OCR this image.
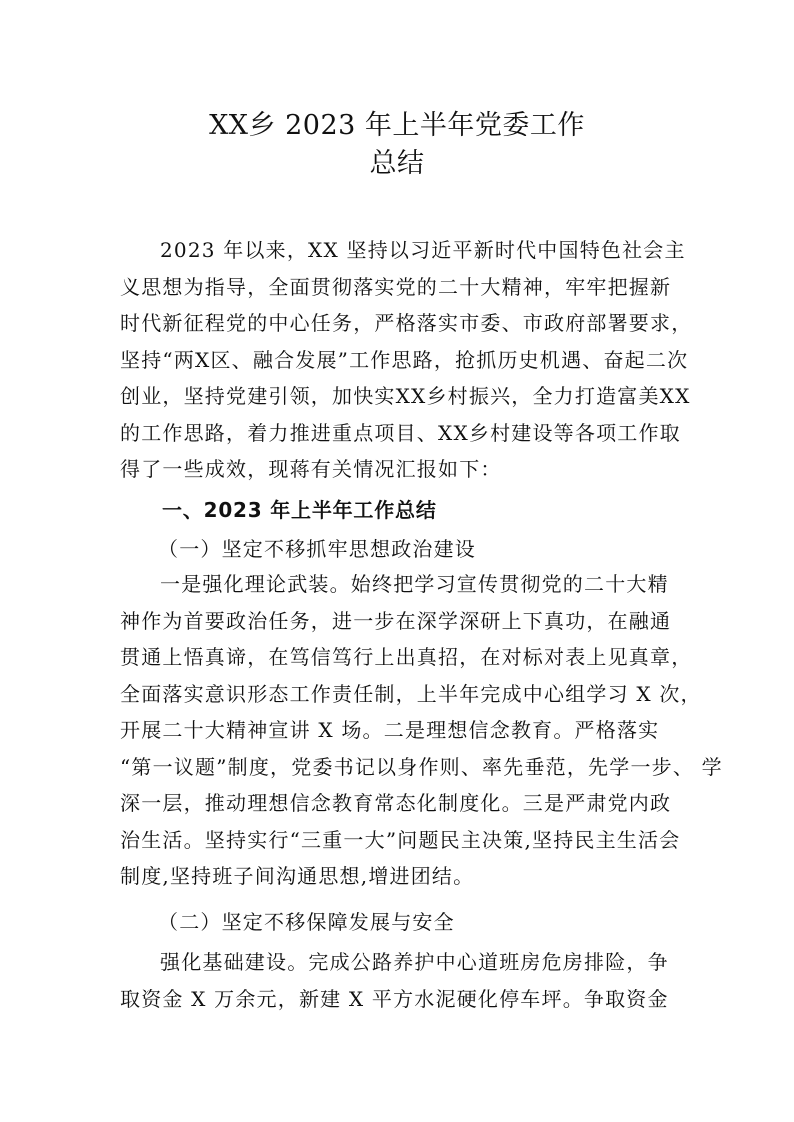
XX乡 2023 年上半年党委工作
总结

2023 年以来，XX 坚持以习近平新时代中国特色社会主

义思想为指导，全面贯彻落实党的二十大精神，牢牢把握新

时代新征程党的中心任务，严格落实市委、市政府部署要求，

坚持“两X区、融合发展”工作思路，抢抓历史机遇、奋起二次

创业，坚持党建引领，加快实XX乡村振兴，全力打造富美XX

的工作思路，着力推进重点项目、XX乡村建设等各项工作取

得了一些成效，现蒋有关情况汇报如下：

一、2023 年上半年工作总结
（一）坚定不移抓牢思想政治建设

一是强化理论武装。始终把学习宣传贯彻党的二十大精

神作为首要政治任务，进一步在深学深研上下真功，在融通

贯通上悟真谛，在笃信笃行上出真招，在对标对表上见真章，

全面落实意识形态工作责任制，上半年完成中心组学习 X 次，

开展二十大精神宣讲 X 场。二是理想信念教育。严格落实

“第一议题”制度，党委书记以身作则、率先垂范，先学一步、 学

深一层，推动理想信念教育常态化制度化。三是严肃党内政

治生活。坚持实行“三重一大”问题民主决策,坚持民主生活会

制度,坚持班子间沟通思想,增进团结。

（二）坚定不移保障发展与安全

强化基础建设。完成公路养护中心道班房危房排险，争

取资金 X 万余元，新建 X 平方水泥硬化停车坪。争取资金
